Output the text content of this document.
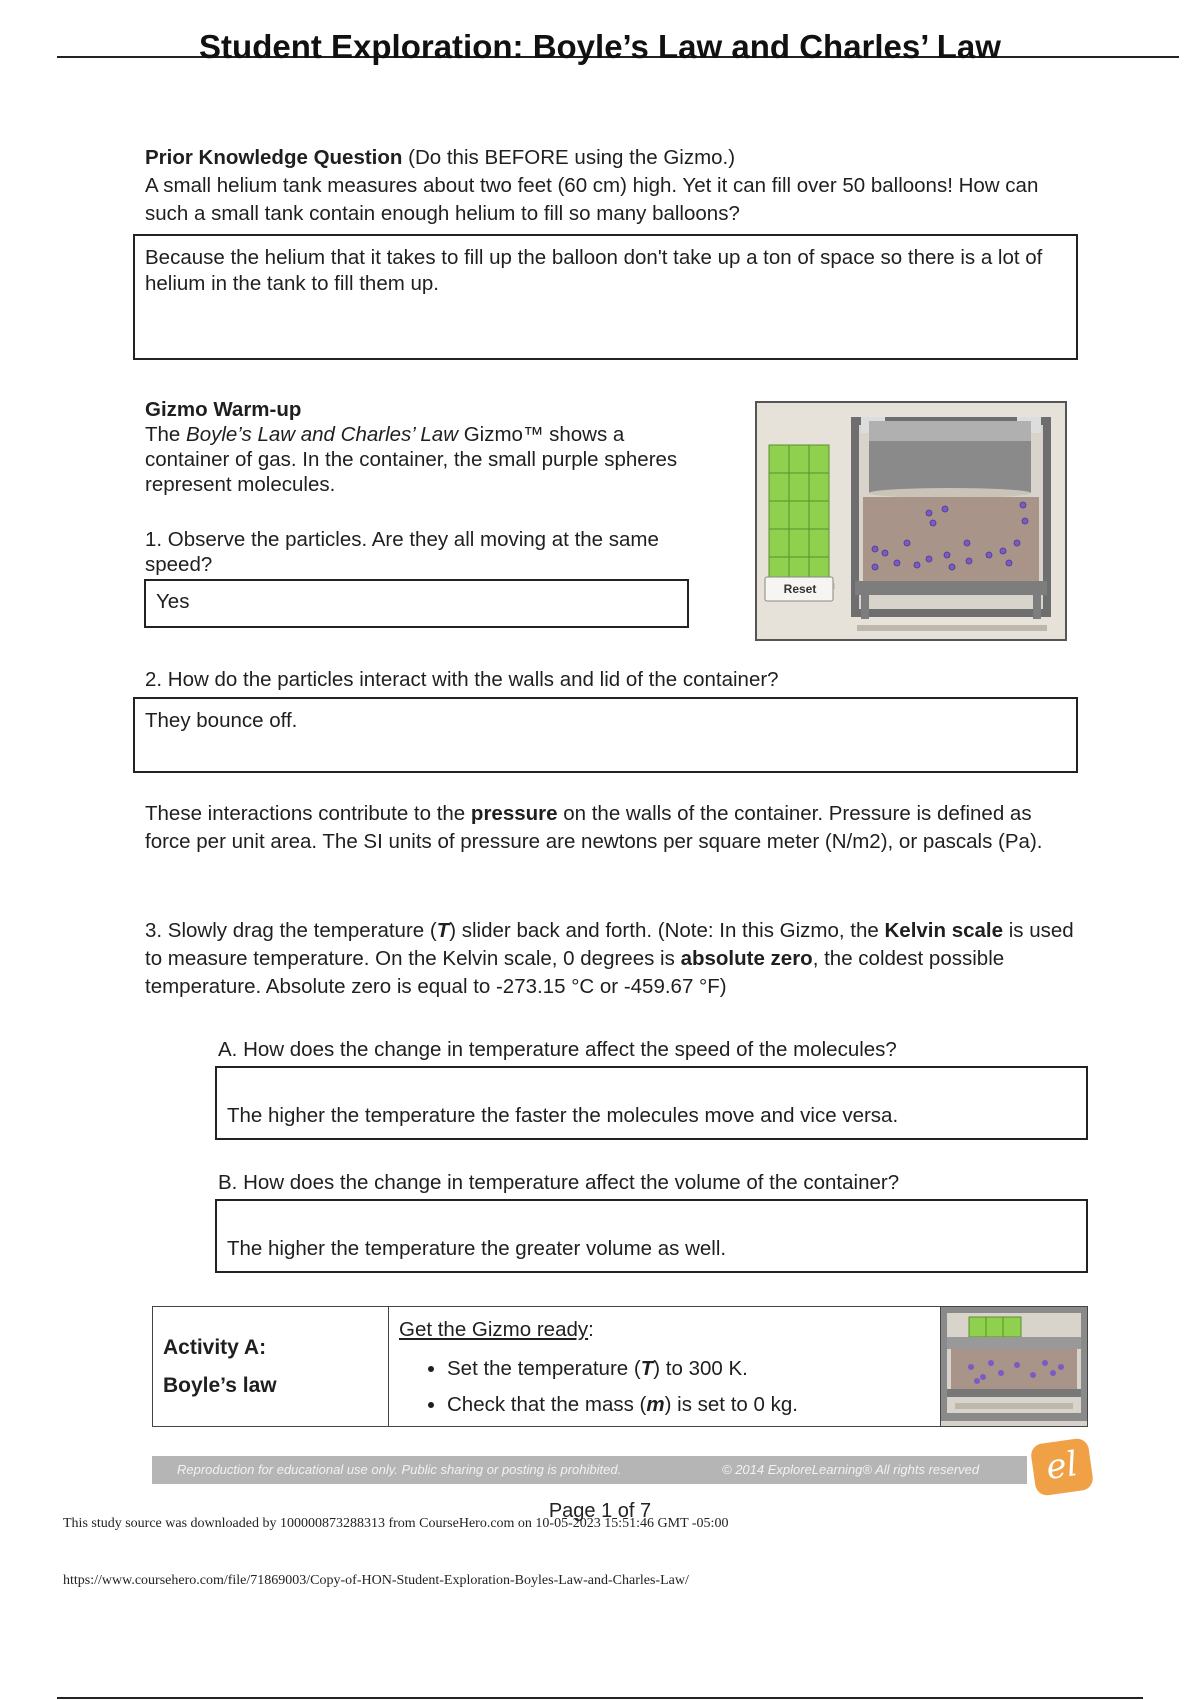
Student Exploration: Boyle’s Law and Charles’ Law
Prior Knowledge Question (Do this BEFORE using the Gizmo.)
A small helium tank measures about two feet (60 cm) high. Yet it can fill over 50 balloons! How can such a small tank contain enough helium to fill so many balloons?
Because the helium that it takes to fill up the balloon don't take up a ton of space so there is a lot of helium in the tank to fill them up.
Gizmo Warm-up
The Boyle’s Law and Charles’ Law Gizmo™ shows a container of gas. In the container, the small purple spheres represent molecules.
1. Observe the particles. Are they all moving at the same speed?
Yes
Reset
2. How do the particles interact with the walls and lid of the container?
They bounce off.
These interactions contribute to the pressure on the walls of the container. Pressure is defined as force per unit area. The SI units of pressure are newtons per square meter (N/m2), or pascals (Pa).
3. Slowly drag the temperature (T) slider back and forth. (Note: In this Gizmo, the Kelvin scale is used to measure temperature. On the Kelvin scale, 0 degrees is absolute zero, the coldest possible temperature. Absolute zero is equal to -273.15 °C or -459.67 °F)
A. How does the change in temperature affect the speed of the molecules?
The higher the temperature the faster the molecules move and vice versa.
B. How does the change in temperature affect the volume of the container?
The higher the temperature the greater volume as well.
Activity A:
Boyle’s law

Get the Gizmo ready:
• Set the temperature (T) to 300 K.
• Check that the mass (m) is set to 0 kg.

Reproduction for educational use only. Public sharing or posting is prohibited.	© 2014 ExploreLearning® All rights reserved	el
Page 1 of 7
This study source was downloaded by 100000873288313 from CourseHero.com on 10-05-2023 15:51:46 GMT -05:00
https://www.coursehero.com/file/71869003/Copy-of-HON-Student-Exploration-Boyles-Law-and-Charles-Law/
